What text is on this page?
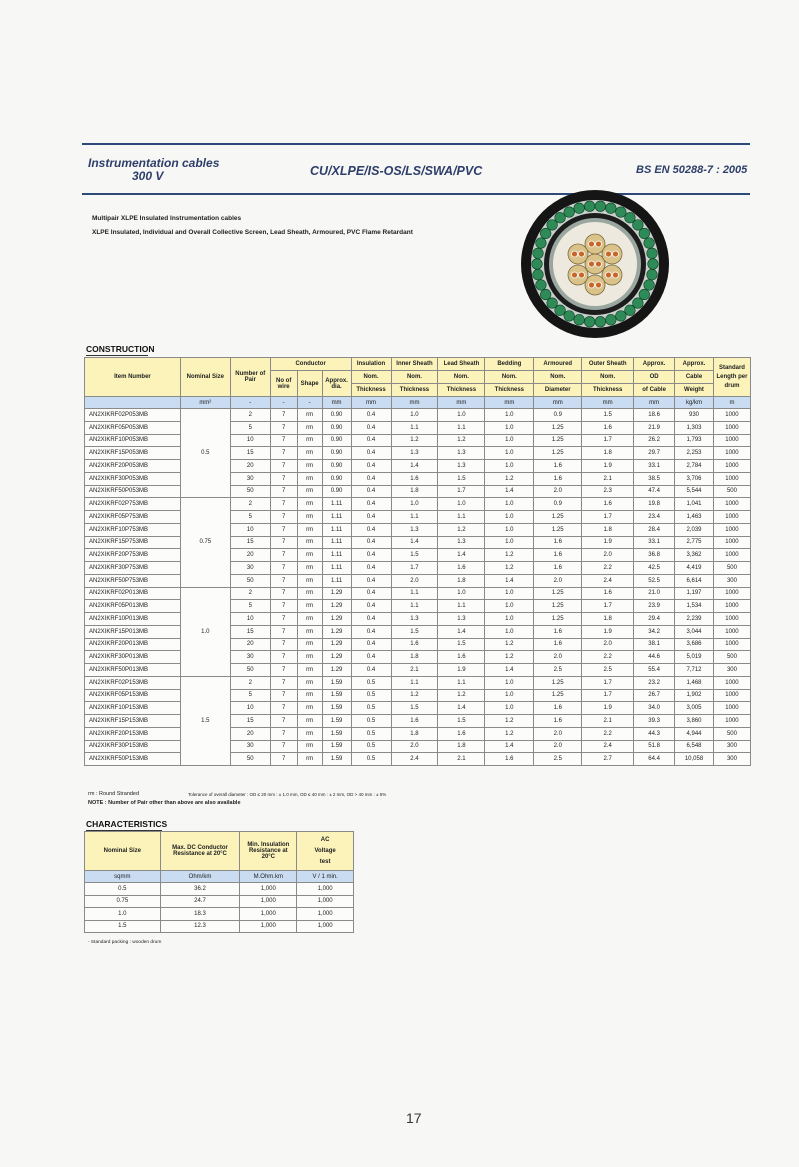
Instrumentation cables
300 V	CU/XLPE/IS-OS/LS/SWA/PVC	BS EN 50288-7 : 2005
Multipair XLPE Insulated Instrumentation cables
XLPE Insulated, Individual and Overall Collective Screen, Lead Sheath, Armoured, PVC Flame Retardant
CONSTRUCTION
Item Number	Nominal Size	Number of Pair	Conductor			Insulation	Inner Sheath	Lead Sheath	Bedding	Armoured	Outer Sheath	Approx.	Approx.	Standard Length per drum
			No of wire	Shape	Approx. dia.	Nom.	Nom.	Nom.	Nom.	Nom.	Nom.	OD	Cable	
						Thickness	Thickness	Thickness	Thickness	Diameter	Thickness	of Cable	Weight	
	mm²	-	-	-	mm	mm	mm	mm	mm	mm	mm	mm	kg/km	m
AN2XIKRF02P053MB	0.5	2	7	rm	0.90	0.4	1.0	1.0	1.0	0.9	1.5	18.6	930	1000
AN2XIKRF05P053MB		5	7	rm	0.90	0.4	1.1	1.1	1.0	1.25	1.6	21.9	1,303	1000
AN2XIKRF10P053MB		10	7	rm	0.90	0.4	1.2	1.2	1.0	1.25	1.7	26.2	1,793	1000
AN2XIKRF15P053MB		15	7	rm	0.90	0.4	1.3	1.3	1.0	1.25	1.8	29.7	2,253	1000
AN2XIKRF20P053MB		20	7	rm	0.90	0.4	1.4	1.3	1.0	1.6	1.9	33.1	2,784	1000
AN2XIKRF30P053MB		30	7	rm	0.90	0.4	1.6	1.5	1.2	1.6	2.1	38.5	3,706	1000
AN2XIKRF50P053MB		50	7	rm	0.90	0.4	1.8	1.7	1.4	2.0	2.3	47.4	5,544	500
AN2XIKRF02P753MB	0.75	2	7	rm	1.11	0.4	1.0	1.0	1.0	0.9	1.6	19.8	1,041	1000
AN2XIKRF05P753MB		5	7	rm	1.11	0.4	1.1	1.1	1.0	1.25	1.7	23.4	1,463	1000
AN2XIKRF10P753MB		10	7	rm	1.11	0.4	1.3	1.2	1.0	1.25	1.8	28.4	2,039	1000
AN2XIKRF15P753MB		15	7	rm	1.11	0.4	1.4	1.3	1.0	1.6	1.9	33.1	2,775	1000
AN2XIKRF20P753MB		20	7	rm	1.11	0.4	1.5	1.4	1.2	1.6	2.0	36.8	3,362	1000
AN2XIKRF30P753MB		30	7	rm	1.11	0.4	1.7	1.6	1.2	1.6	2.2	42.5	4,419	500
AN2XIKRF50P753MB		50	7	rm	1.11	0.4	2.0	1.8	1.4	2.0	2.4	52.5	6,614	300
AN2XIKRF02P013MB	1.0	2	7	rm	1.29	0.4	1.1	1.0	1.0	1.25	1.6	21.0	1,197	1000
AN2XIKRF05P013MB		5	7	rm	1.29	0.4	1.1	1.1	1.0	1.25	1.7	23.9	1,534	1000
AN2XIKRF10P013MB		10	7	rm	1.29	0.4	1.3	1.3	1.0	1.25	1.8	29.4	2,239	1000
AN2XIKRF15P013MB		15	7	rm	1.29	0.4	1.5	1.4	1.0	1.6	1.9	34.2	3,044	1000
AN2XIKRF20P013MB		20	7	rm	1.29	0.4	1.6	1.5	1.2	1.6	2.0	38.1	3,686	1000
AN2XIKRF30P013MB		30	7	rm	1.29	0.4	1.8	1.6	1.2	2.0	2.2	44.6	5,019	500
AN2XIKRF50P013MB		50	7	rm	1.29	0.4	2.1	1.9	1.4	2.5	2.5	55.4	7,712	300
AN2XIKRF02P153MB	1.5	2	7	rm	1.59	0.5	1.1	1.1	1.0	1.25	1.7	23.2	1,468	1000
AN2XIKRF05P153MB		5	7	rm	1.59	0.5	1.2	1.2	1.0	1.25	1.7	26.7	1,902	1000
AN2XIKRF10P153MB		10	7	rm	1.59	0.5	1.5	1.4	1.0	1.6	1.9	34.0	3,005	1000
AN2XIKRF15P153MB		15	7	rm	1.59	0.5	1.6	1.5	1.2	1.6	2.1	39.3	3,860	1000
AN2XIKRF20P153MB		20	7	rm	1.59	0.5	1.8	1.6	1.2	2.0	2.2	44.3	4,944	500
AN2XIKRF30P153MB		30	7	rm	1.59	0.5	2.0	1.8	1.4	2.0	2.4	51.8	6,548	300
AN2XIKRF50P153MB		50	7	rm	1.59	0.5	2.4	2.1	1.6	2.5	2.7	64.4	10,058	300
rm : Round Stranded	Tolerance of overall diameter : OD ≤ 20 mm : ± 1.0 mm, OD ≤ 40 mm : ± 2 mm, OD > 40 mm : ± 5%
NOTE : Number of Pair other than above are also available
CHARACTERISTICS
Nominal Size	Max. DC Conductor Resistance at 20°C	Min. Insulation Resistance at 20°C	AC
Voltage
test

sqmm	Ohm/km	M.Ohm.km	V / 1 min.
0.5	36.2	1,000	1,000
0.75	24.7	1,000	1,000
1.0	18.3	1,000	1,000
1.5	12.3	1,000	1,000
- Standard packing : wooden drum
17
